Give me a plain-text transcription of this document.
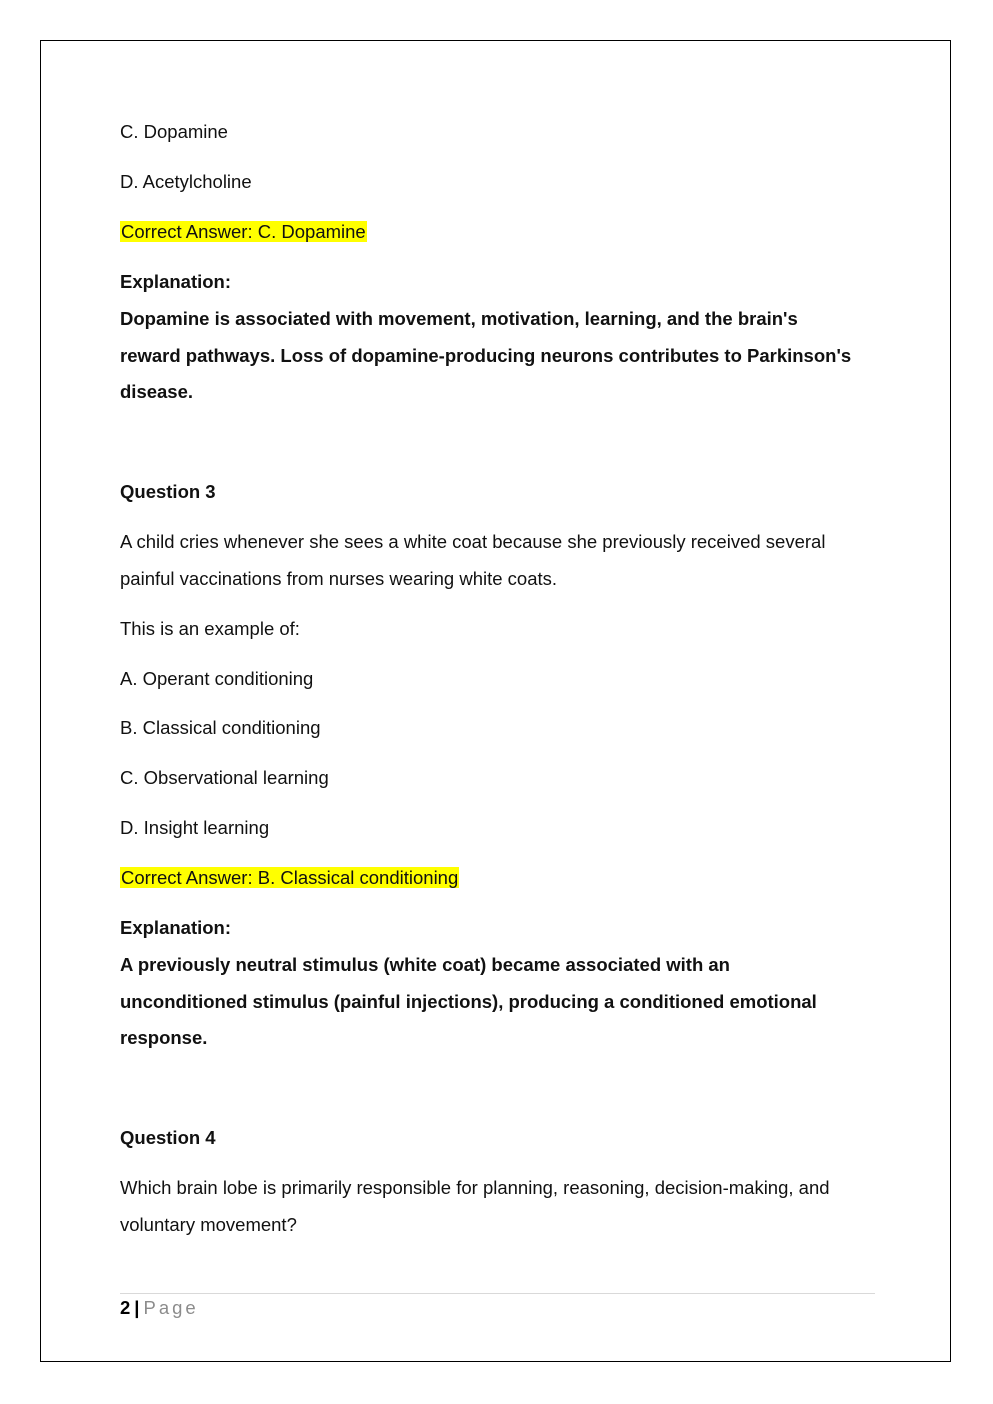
C. Dopamine
D. Acetylcholine
Correct Answer: C. Dopamine
Explanation:
Dopamine is associated with movement, motivation, learning, and the brain's
reward pathways. Loss of dopamine-producing neurons contributes to Parkinson's
disease.
Question 3
A child cries whenever she sees a white coat because she previously received several
painful vaccinations from nurses wearing white coats.
This is an example of:
A. Operant conditioning
B. Classical conditioning
C. Observational learning
D. Insight learning
Correct Answer: B. Classical conditioning
Explanation:
A previously neutral stimulus (white coat) became associated with an
unconditioned stimulus (painful injections), producing a conditioned emotional
response.
Question 4
Which brain lobe is primarily responsible for planning, reasoning, decision-making, and
voluntary movement?
2 | Page
